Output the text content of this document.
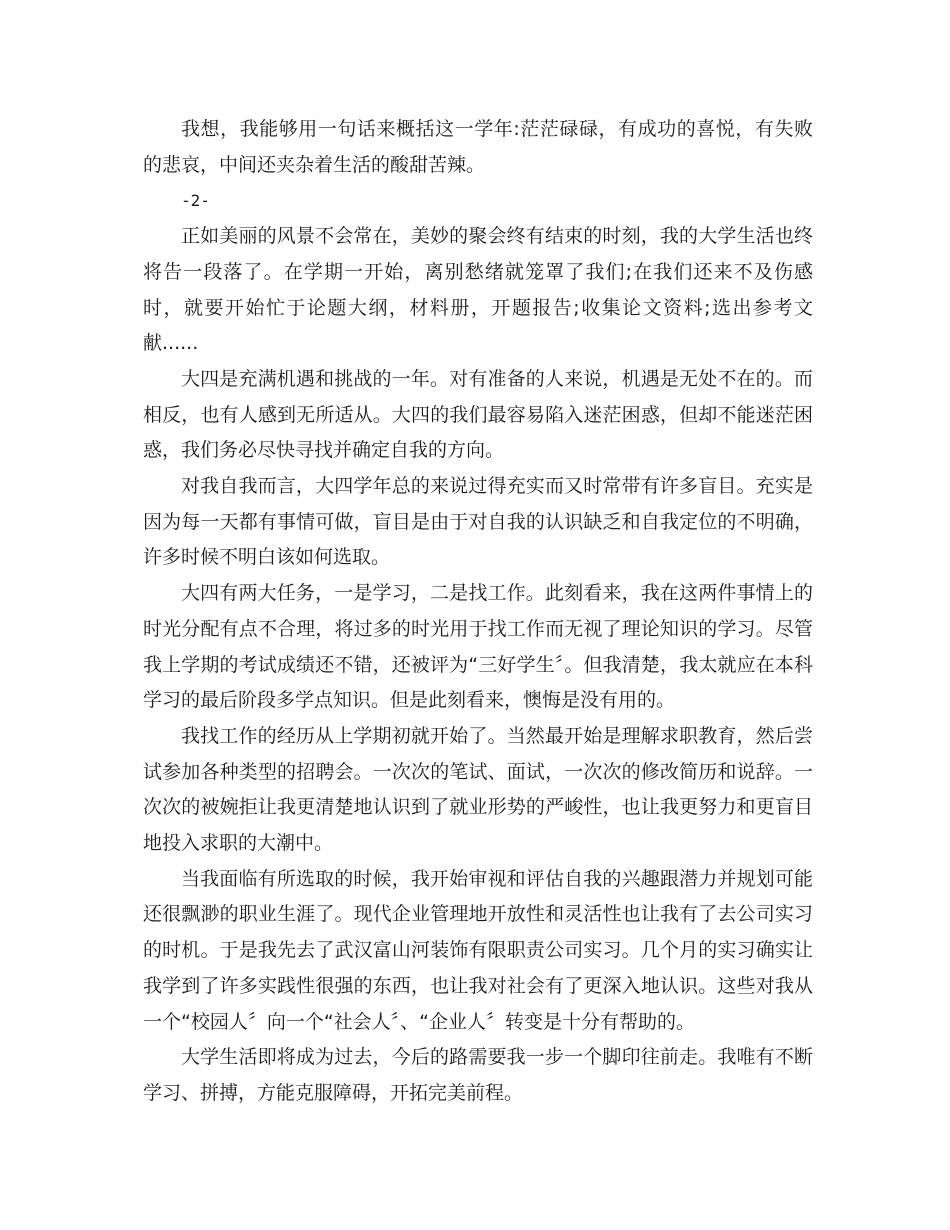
我想，我能够用一句话来概括这一学年:茫茫碌碌，有成功的喜悦，有失败的悲哀，中间还夹杂着生活的酸甜苦辣。

-2-

正如美丽的风景不会常在，美妙的聚会终有结束的时刻，我的大学生活也终将告一段落了。在学期一开始，离别愁绪就笼罩了我们;在我们还来不及伤感时，就要开始忙于论题大纲，材料册，开题报告;收集论文资料;选出参考文献......

大四是充满机遇和挑战的一年。对有准备的人来说，机遇是无处不在的。而相反，也有人感到无所适从。大四的我们最容易陷入迷茫困惑，但却不能迷茫困惑，我们务必尽快寻找并确定自我的方向。

对我自我而言，大四学年总的来说过得充实而又时常带有许多盲目。充实是因为每一天都有事情可做，盲目是由于对自我的认识缺乏和自我定位的不明确，许多时候不明白该如何选取。

大四有两大任务，一是学习，二是找工作。此刻看来，我在这两件事情上的时光分配有点不合理，将过多的时光用于找工作而无视了理论知识的学习。尽管我上学期的考试成绩还不错，还被评为“三好学生〞。但我清楚，我太就应在本科学习的最后阶段多学点知识。但是此刻看来，懊悔是没有用的。

我找工作的经历从上学期初就开始了。当然最开始是理解求职教育，然后尝试参加各种类型的招聘会。一次次的笔试、面试，一次次的修改简历和说辞。一次次的被婉拒让我更清楚地认识到了就业形势的严峻性，也让我更努力和更盲目地投入求职的大潮中。

当我面临有所选取的时候，我开始审视和评估自我的兴趣跟潜力并规划可能还很飘渺的职业生涯了。现代企业管理地开放性和灵活性也让我有了去公司实习的时机。于是我先去了武汉富山河装饰有限职责公司实习。几个月的实习确实让我学到了许多实践性很强的东西，也让我对社会有了更深入地认识。这些对我从一个“校园人〞向一个“社会人〞、“企业人〞转变是十分有帮助的。

大学生活即将成为过去，今后的路需要我一步一个脚印往前走。我唯有不断学习、拼搏，方能克服障碍，开拓完美前程。
